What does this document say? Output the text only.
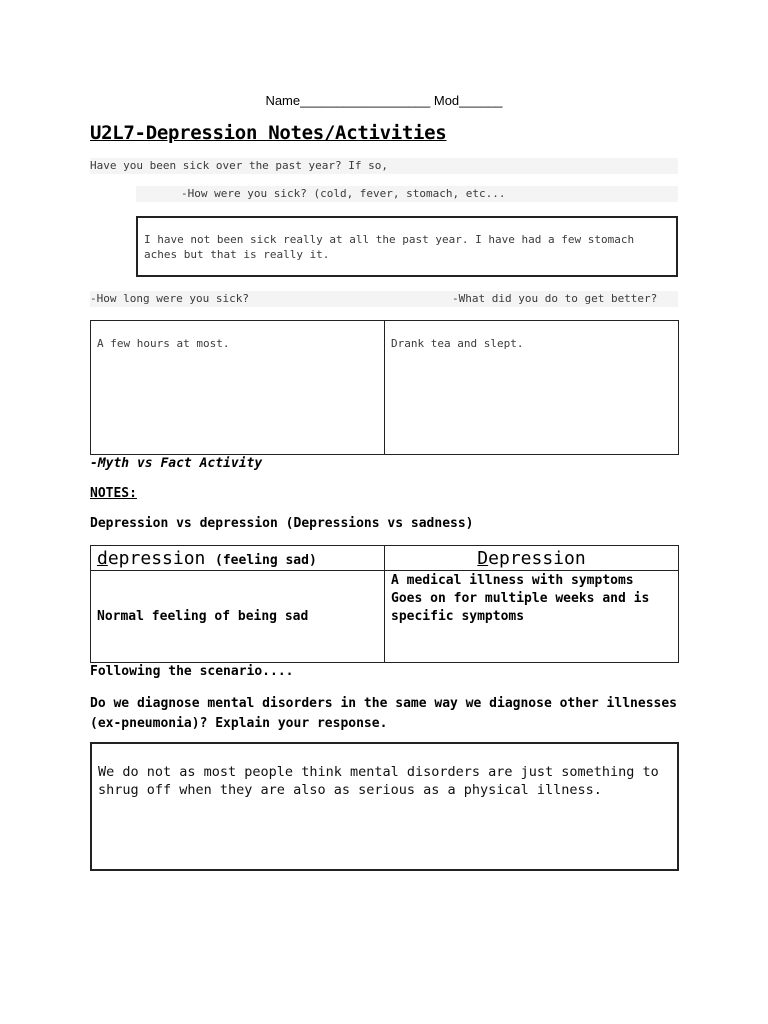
Name__________________ Mod______
U2L7-Depression Notes/Activities
Have you been sick over the past year? If so,
-How were you sick? (cold, fever, stomach, etc...
I have not been sick really at all the past year. I have had a few stomach aches but that is really it.
-How long were you sick?	-What did you do to get better?
A few hours at most.	Drank tea and slept.
-Myth vs Fact Activity
NOTES:
Depression vs depression (Depressions vs sadness)
depression (feeling sad)	Depression
Normal feeling of being sad	A medical illness with symptoms
Goes on for multiple weeks and is specific symptoms
Following the scenario....
Do we diagnose mental disorders in the same way we diagnose other illnesses (ex-pneumonia)? Explain your response.
We do not as most people think mental disorders are just something to shrug off when they are also as serious as a physical illness.
